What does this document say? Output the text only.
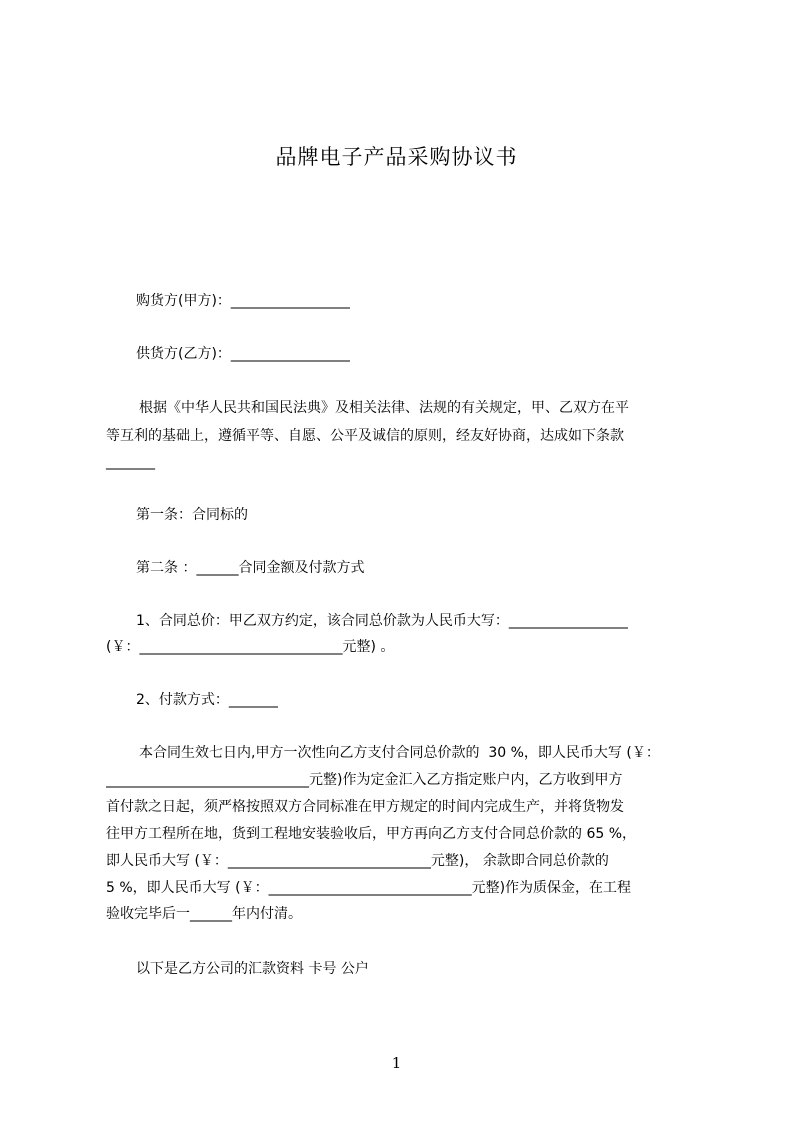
品牌电子产品采购协议书
购货方(甲方)：_________________
供货方(乙方)：_________________
根据《中华人民共和国民法典》及相关法律、法规的有关规定，甲、乙双方在平
等互利的基础上，遵循平等、自愿、公平及诚信的原则，经友好协商，达成如下条款
_______
第一条：合同标的
第二条 ：______合同金额及付款方式
1、合同总价：甲乙双方约定，该合同总价款为人民币大写：_________________
(￥：_____________________________元整) 。
2、付款方式：_______
本合同生效七日内,甲方一次性向乙方支付合同总价款的  30 %，即人民币大写 (￥：
_____________________________元整)作为定金汇入乙方指定账户内，乙方收到甲方
首付款之日起，须严格按照双方合同标准在甲方规定的时间内完成生产，并将货物发
往甲方工程所在地，货到工程地安装验收后，甲方再向乙方支付合同总价款的 65 %，
即人民币大写 (￥：_____________________________元整)， 余款即合同总价款的
5 %，即人民币大写 (￥：_____________________________元整)作为质保金，在工程
验收完毕后一______年内付清。
以下是乙方公司的汇款资料 卡号 公户
1
